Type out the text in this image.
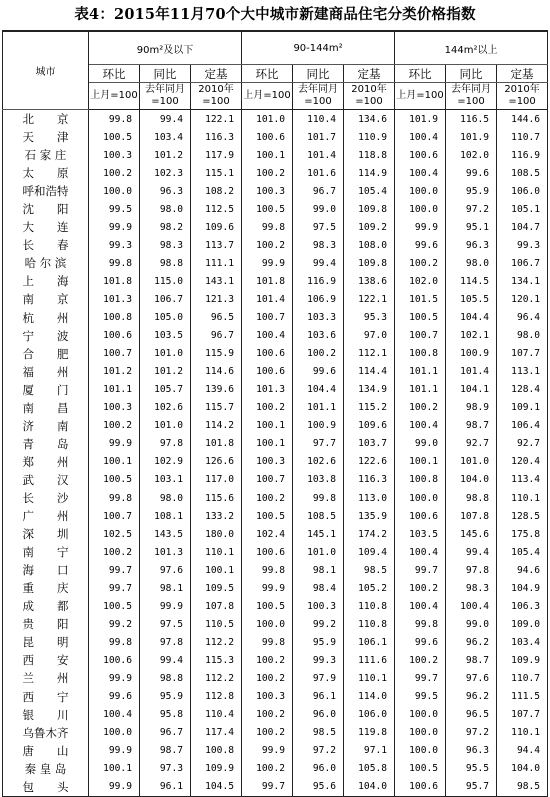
表4：2015年11月70个大中城市新建商品住宅分类价格指数
城市	90m²及以下			90-144m²			144m²以上		
	环比	同比	定基	环比	同比	定基	环比	同比	定基
	上月=100	去年同月=100	2010年=100	上月=100	去年同月=100	2010年=100	上月=100	去年同月=100	2010年=100
北　　京	99.8	99.4	122.1	101.0	110.4	134.6	101.9	116.5	144.6
天　　津	100.5	103.4	116.3	100.6	101.7	110.9	100.4	101.9	110.7
石 家 庄	100.3	101.2	117.9	100.1	101.4	118.8	100.6	102.0	116.9
太　　原	100.2	102.3	115.1	100.2	101.6	114.9	100.4	99.6	108.5
呼和浩特	100.0	96.3	108.2	100.3	96.7	105.4	100.0	95.9	106.0
沈　　阳	99.5	98.0	112.5	100.5	99.0	109.8	100.0	97.2	105.1
大　　连	99.9	98.2	109.6	99.8	97.5	109.2	99.9	95.1	104.7
长　　春	99.3	98.3	113.7	100.2	98.3	108.0	99.6	96.3	99.3
哈 尔 滨	99.8	98.8	111.1	99.9	99.4	109.8	100.2	98.0	106.7
上　　海	101.8	115.0	143.1	101.8	116.9	138.6	102.0	114.5	134.1
南　　京	101.3	106.7	121.3	101.4	106.9	122.1	101.5	105.5	120.1
杭　　州	100.8	105.0	96.5	100.7	103.3	95.3	100.5	104.4	96.4
宁　　波	100.6	103.5	96.7	100.4	103.6	97.0	100.7	102.1	98.0
合　　肥	100.7	101.0	115.9	100.6	100.2	112.1	100.8	100.9	107.7
福　　州	101.2	101.2	114.6	100.6	99.6	114.4	101.1	101.4	113.1
厦　　门	101.1	105.7	139.6	101.3	104.4	134.9	101.1	104.1	128.4
南　　昌	100.3	102.6	115.7	100.2	101.1	115.2	100.2	98.9	109.1
济　　南	100.2	101.0	114.2	100.1	100.9	109.6	100.4	98.7	106.4
青　　岛	99.9	97.8	101.8	100.1	97.7	103.7	99.0	92.7	92.7
郑　　州	100.1	102.9	126.6	100.3	102.6	122.6	100.1	101.0	120.4
武　　汉	100.5	103.1	117.0	100.7	103.8	116.3	100.8	104.0	113.4
长　　沙	99.8	98.0	115.6	100.2	99.8	113.0	100.0	98.8	110.1
广　　州	100.7	108.1	133.2	100.5	108.5	135.9	100.6	107.8	128.5
深　　圳	102.5	143.5	180.0	102.4	145.1	174.2	103.5	145.6	175.8
南　　宁	100.2	101.3	110.1	100.6	101.0	109.4	100.4	99.4	105.4
海　　口	99.7	97.6	100.1	99.8	98.1	98.5	99.7	97.8	94.6
重　　庆	99.7	98.1	109.5	99.9	98.4	105.2	100.2	98.3	104.9
成　　都	100.5	99.9	107.8	100.5	100.3	110.8	100.4	100.4	106.3
贵　　阳	99.2	97.5	110.5	100.0	99.2	110.8	99.8	99.0	109.0
昆　　明	99.8	97.8	112.2	99.8	95.9	106.1	99.6	96.2	103.4
西　　安	100.6	99.4	115.3	100.2	99.3	111.6	100.2	98.7	109.9
兰　　州	99.9	98.8	112.2	100.2	97.9	110.1	99.7	97.6	110.7
西　　宁	99.6	95.9	112.8	100.3	96.1	114.0	99.5	96.2	111.5
银　　川	100.4	95.8	110.4	100.2	96.0	106.0	100.0	96.5	107.7
乌鲁木齐	100.0	96.7	117.4	100.2	98.5	119.8	100.0	97.2	110.1
唐　　山	99.9	98.7	100.8	99.9	97.2	97.1	100.0	96.3	94.4
秦 皇 岛	100.1	97.3	109.9	100.2	96.0	105.8	100.5	95.5	104.0
包　　头	99.9	96.1	104.5	99.7	95.6	104.0	100.6	95.7	98.5
